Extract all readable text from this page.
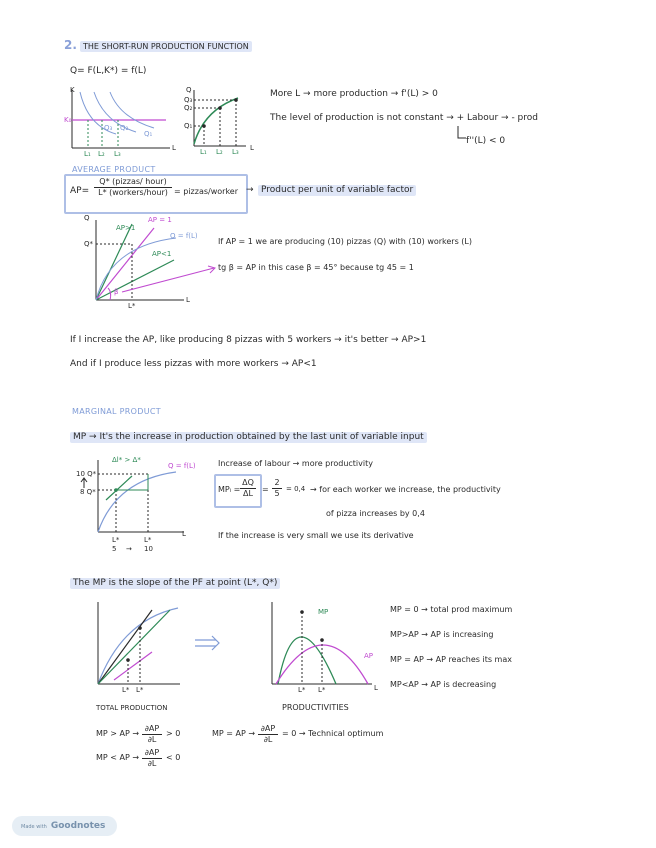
2. THE SHORT-RUN PRODUCTION FUNCTION
Q= F(L,K*) = f(L)
K
K₀
L
L₁ L₂ L₃
Q₁
Q₂
Q₃
Q
Q₃
Q₂
Q₁
L₁ L₂ L₃ L
More L → more production → f'(L) > 0
The level of production is not constant → + Labour → - prod
f''(L) < 0
AVERAGE PRODUCT
AP=
Q* (pizzas/ hour)
L* (workers/hour) = pizzas/worker → Product per unit of variable factor
Q
Q*
L*
L
AP>1
AP = 1
AP<1
Q = f(L)
β
If AP = 1 we are producing (10) pizzas (Q) with (10) workers (L)
tg β = AP in this case β = 45° because tg 45 = 1
If I increase the AP, like producing 8 pizzas with 5 workers → it's better → AP>1
And if I produce less pizzas with more workers → AP<1
MARGINAL PRODUCT
MP → It's the increase in production obtained by the last unit of variable input
Δl* > Δ*
Q = f(L)
10 Q*
8 Q*
L*	L*
5 → 10
L
Increase of labour → more productivity
$MP_l = \frac{\Delta Q}{\Delta L} = \frac{2}{5} = 0,4$ → for each worker we increase, the productivity
of pizza increases by 0,4
If the increase is very small we use its derivative
The MP is the slope of the PF at point (L*, Q*)
L* L*
TOTAL PRODUCTION
MP
AP
L* L*	L
PRODUCTIVITIES
MP = 0 → total prod maximum
MP>AP → AP is increasing
MP = AP → AP reaches its max
MP<AP → AP is decreasing
MP > AP → $\frac{\partial AP}{\partial L} > 0$
MP < AP → $\frac{\partial AP}{\partial L} < 0$
MP = AP → $\frac{\partial AP}{\partial L} = 0$ → Technical optimum
Made with Goodnotes
